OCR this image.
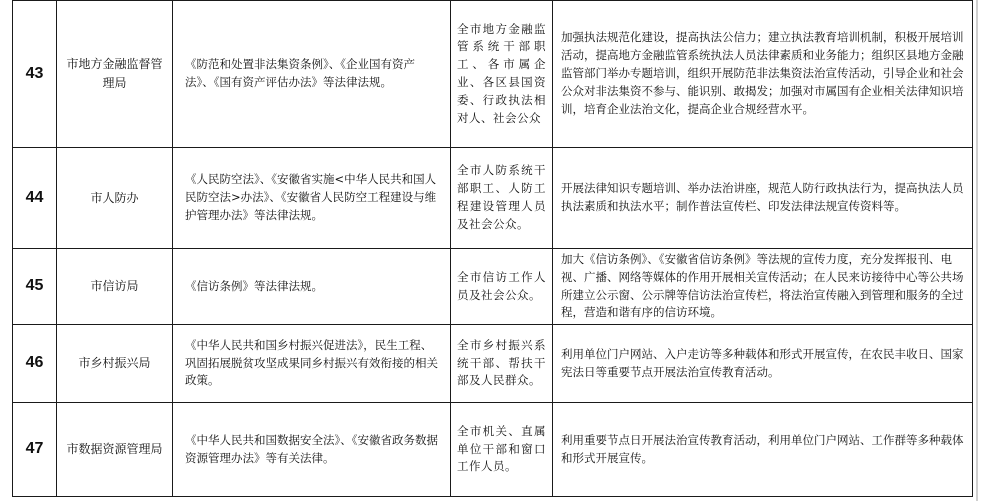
43	市地方金融监督管理局	《防范和处置非法集资条例》、《企业国有资产法》、《国有资产评估办法》等法律法规。	全市地方金融监管系统干部职工、各市属企业、各区县国资委、行政执法相对人、社会公众	加强执法规范化建设，提高执法公信力；建立执法教育培训机制，积极开展培训活动，提高地方金融监管系统执法人员法律素质和业务能力；组织区县地方金融监管部门举办专题培训，组织开展防范非法集资法治宣传活动，引导企业和社会公众对非法集资不参与、能识别、敢揭发；加强对市属国有企业相关法律知识培训，培育企业法治文化，提高企业合规经营水平。
44	市人防办	《人民防空法》、《安徽省实施<中华人民共和国人民防空法>办法》、《安徽省人民防空工程建设与维护管理办法》等法律法规。	全市人防系统干部职工、人防工程建设管理人员及社会公众。	开展法律知识专题培训、举办法治讲座，规范人防行政执法行为，提高执法人员执法素质和执法水平；制作普法宣传栏、印发法律法规宣传资料等。
45	市信访局	《信访条例》等法律法规。	全市信访工作人员及社会公众。	加大《信访条例》、《安徽省信访条例》等法规的宣传力度，充分发挥报刊、电视、广播、网络等媒体的作用开展相关宣传活动；在人民来访接待中心等公共场所建立公示窗、公示牌等信访法治宣传栏，将法治宣传融入到管理和服务的全过程，营造和谐有序的信访环境。
46	市乡村振兴局	《中华人民共和国乡村振兴促进法》，民生工程、巩固拓展脱贫攻坚成果同乡村振兴有效衔接的相关政策。	全市乡村振兴系统干部、帮扶干部及人民群众。	利用单位门户网站、入户走访等多种载体和形式开展宣传，在农民丰收日、国家宪法日等重要节点开展法治宣传教育活动。
47	市数据资源管理局	《中华人民共和国数据安全法》、《安徽省政务数据资源管理办法》等有关法律。	全市机关、直属单位干部和窗口工作人员。	利用重要节点日开展法治宣传教育活动，利用单位门户网站、工作群等多种载体和形式开展宣传。
